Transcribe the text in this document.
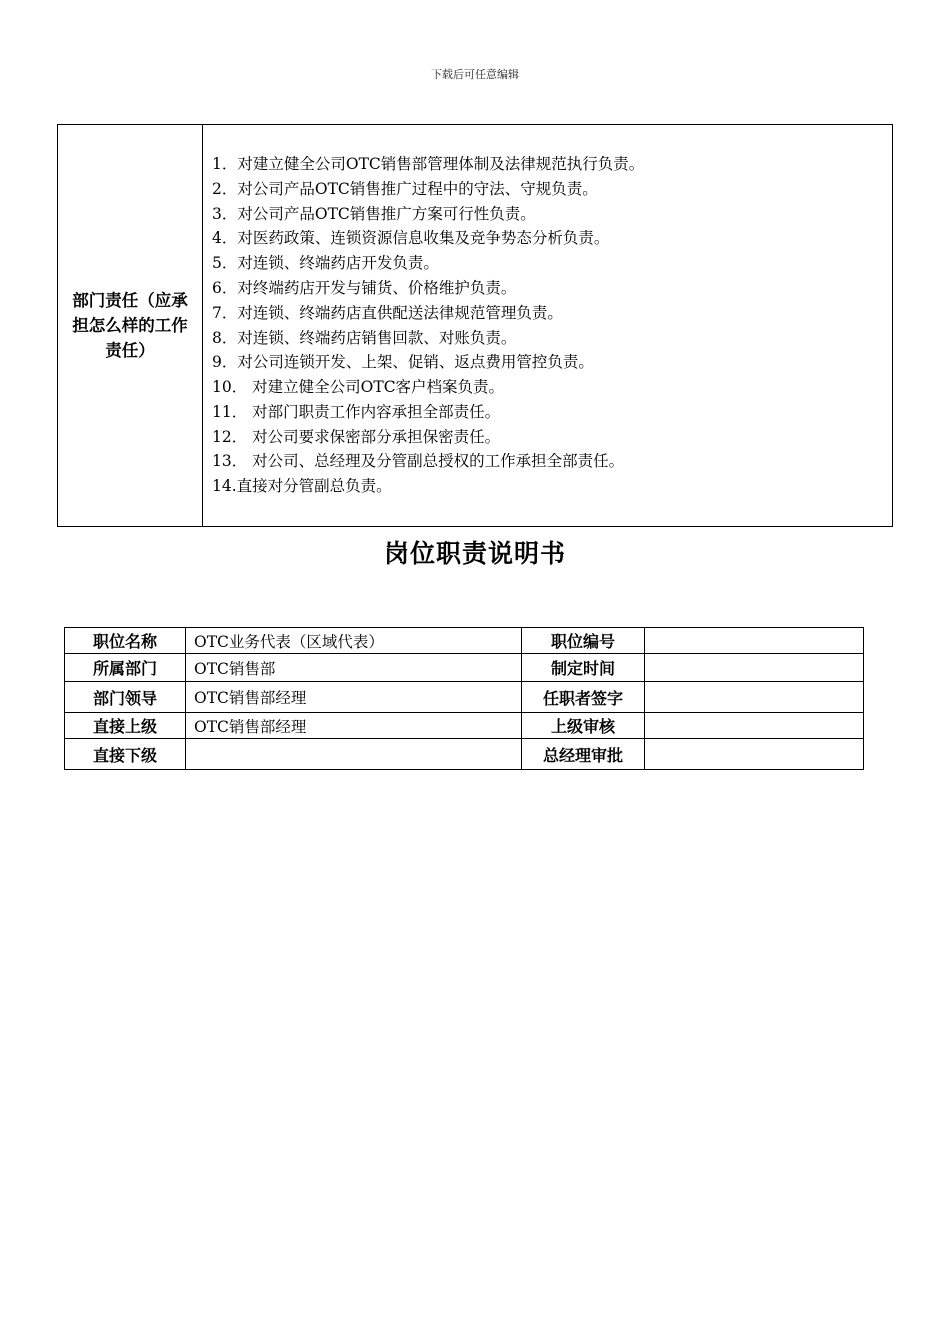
下载后可任意编辑
部门责任（应承担怎么样的工作责任）	
1．对建立健全公司OTC销售部管理体制及法律规范执行负责。
2．对公司产品OTC销售推广过程中的守法、守规负责。
3．对公司产品OTC销售推广方案可行性负责。
4．对医药政策、连锁资源信息收集及竞争势态分析负责。
5．对连锁、终端药店开发负责。
6．对终端药店开发与铺货、价格维护负责。
7．对连锁、终端药店直供配送法律规范管理负责。
8．对连锁、终端药店销售回款、对账负责。
9．对公司连锁开发、上架、促销、返点费用管控负责。
10． 对建立健全公司OTC客户档案负责。
11． 对部门职责工作内容承担全部责任。
12． 对公司要求保密部分承担保密责任。
13． 对公司、总经理及分管副总授权的工作承担全部责任。
14.直接对分管副总负责。
岗位职责说明书
职位名称	OTC业务代表（区域代表）	职位编号	
所属部门	OTC销售部	制定时间	
部门领导	OTC销售部经理	任职者签字	
直接上级	OTC销售部经理	上级审核	
直接下级		总经理审批	
